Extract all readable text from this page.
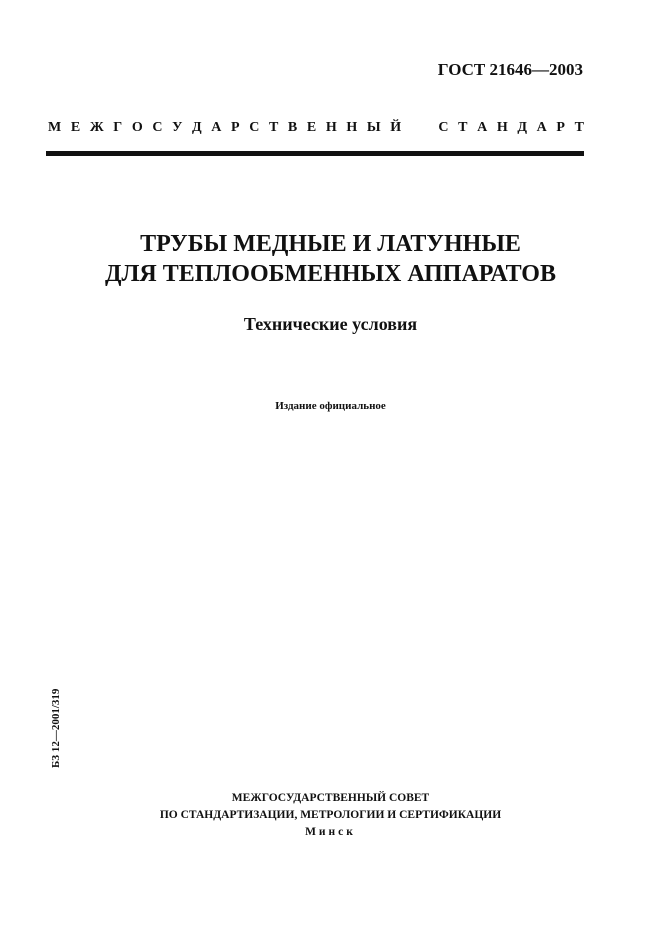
ГОСТ 21646—2003
М Е Ж Г О С У Д А Р С Т В Е Н Н Ы Й	С Т А Н Д А Р Т
ТРУБЫ МЕДНЫЕ И ЛАТУННЫЕ
ДЛЯ ТЕПЛООБМЕННЫХ АППАРАТОВ
Технические условия
Издание официальное
БЗ 12—2001/319
МЕЖГОСУДАРСТВЕННЫЙ СОВЕТ
ПО СТАНДАРТИЗАЦИИ, МЕТРОЛОГИИ И СЕРТИФИКАЦИИ
Минск
